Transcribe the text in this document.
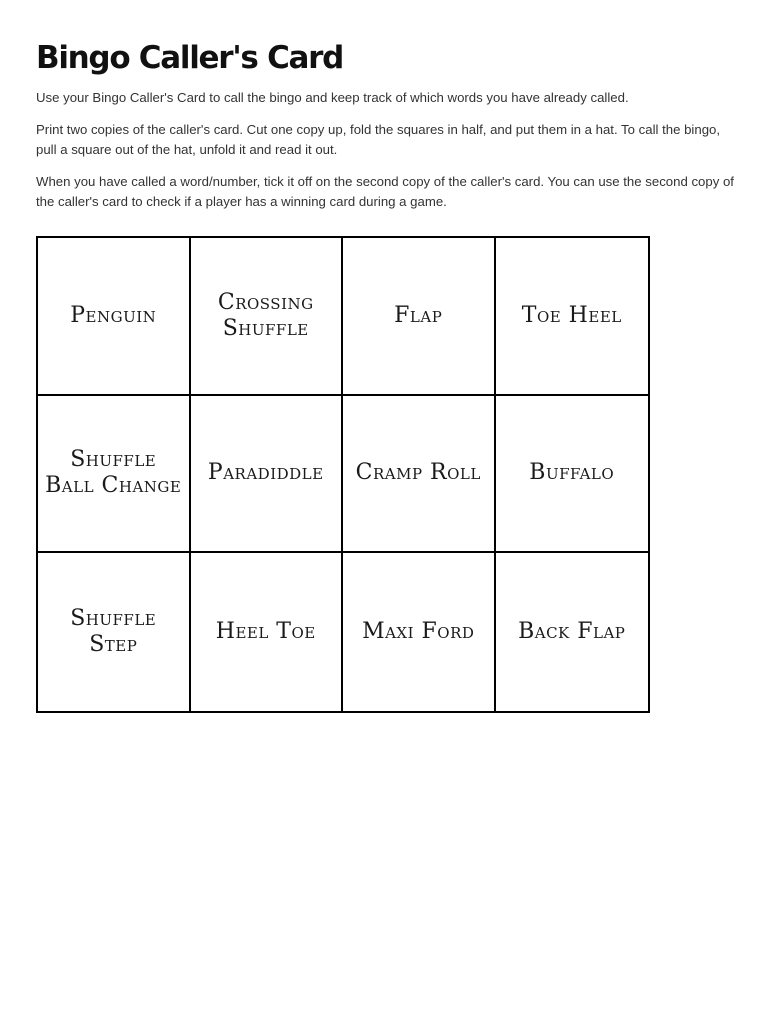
Bingo Caller's Card

Use your Bingo Caller's Card to call the bingo and keep track of which words you have already called.

Print two copies of the caller's card. Cut one copy up, fold the squares in half, and put them in a hat. To call the bingo, pull a square out of the hat, unfold it and read it out.

When you have called a word/number, tick it off on the second copy of the caller's card. You can use the second copy of the caller's card to check if a player has a winning card during a game.

Penguin
Crossing Shuffle
Flap	Toe Heel
Shuffle Ball Change
Paradiddle Cramp Roll Buffalo
Shuffle Step
Heel Toe Maxi Ford Back Flap
